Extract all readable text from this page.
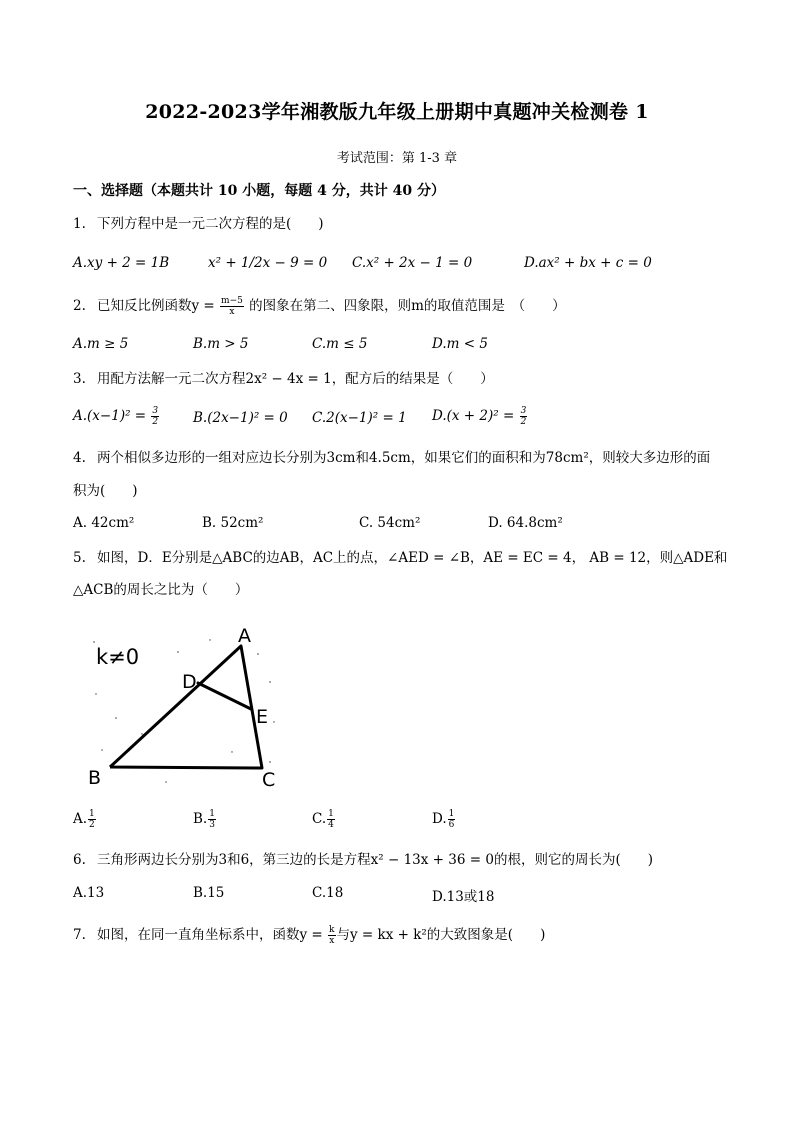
2022-2023学年湘教版九年级上册期中真题冲关检测卷 1
考试范围：第 1-3 章
一、选择题（本题共计 10 小题，每题 4 分，共计 40 分）
1. 下列方程中是一元二次方程的是(　　)
A.xy + 2 = 1B	x² + 1/2x − 9 = 0 C.x² + 2x − 1 = 0	D.ax² + bx + c = 0
2. 已知反比例函数$y = \frac{m-5}{x}$ 的图象在第二、四象限，则m的取值范围是　（　　）
A.m ≥ 5	B.m > 5	C.m ≤ 5	D.m < 5
3. 用配方法解一元二次方程2x² − 4x = 1，配方后的结果是（　　）
$A.(x-1)^2 = \frac{3}{2}$	B.(2x−1)² = 0 C.2(x−1)² = 1 $D.(x + 2)^2 = \frac{3}{2}$
4. 两个相似多边形的一组对应边长分别为3cm和4.5cm，如果它们的面积和为78cm²，则较大多边形的面
积为(　　)
A. 42cm²	B. 52cm²	C. 54cm²	D. 64.8cm²
5. 如图，D．E分别是△ABC的边AB，AC上的点，∠AED = ∠B，AE = EC = 4， AB = 12，则△ADE和
△ACB的周长之比为（　　）
k≠0
A
B	C
D
E
A. $\frac{1}{2}$	B. $\frac{1}{3}$	C. $\frac{1}{4}$	D. $\frac{1}{6}$
6. 三角形两边长分别为3和6，第三边的长是方程x² − 13x + 36 = 0的根，则它的周长为(　　)
A.13	B.15	C.18	D.13或18
7. 如图，在同一直角坐标系中，函数$y = \frac{k}{x}$ 与y = kx + k²的大致图象是(　　)
